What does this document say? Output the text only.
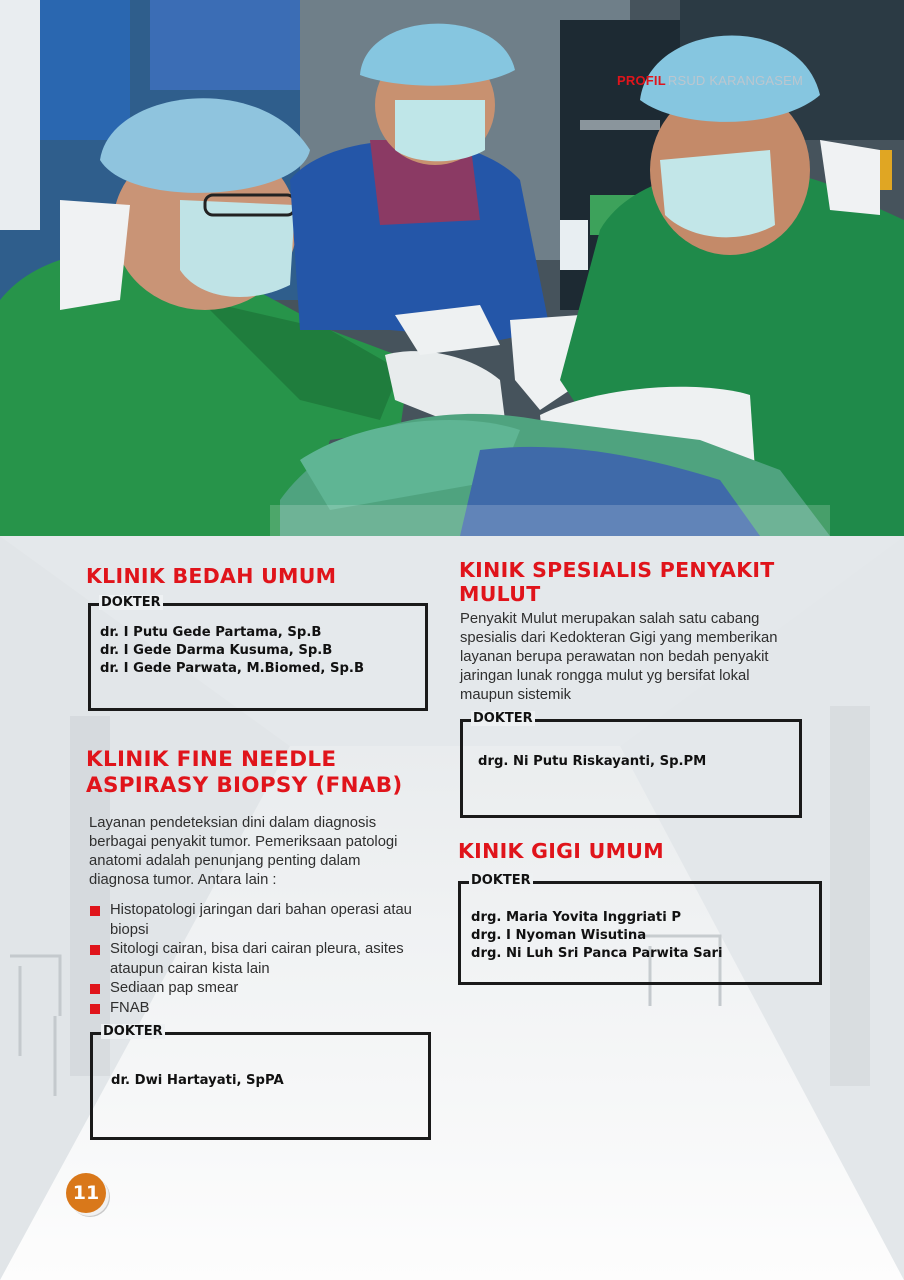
PROFIL RSUD KARANGASEM
KLINIK BEDAH UMUM
DOKTER
dr. I Putu Gede Partama, Sp.B
dr. I Gede Darma Kusuma, Sp.B
dr. I Gede Parwata, M.Biomed, Sp.B
KLINIK FINE NEEDLE
ASPIRASY BIOPSY (FNAB)
Layanan pendeteksian dini dalam diagnosis
berbagai penyakit tumor. Pemeriksaan patologi
anatomi adalah penunjang penting dalam
diagnosa tumor. Antara lain :
Histopatologi jaringan dari bahan operasi atau
biopsi
Sitologi cairan, bisa dari cairan pleura, asites
ataupun cairan kista lain
Sediaan pap smear
FNAB
DOKTER
dr. Dwi Hartayati, SpPA
KINIK SPESIALIS PENYAKIT
MULUT
Penyakit Mulut merupakan salah satu cabang
spesialis dari Kedokteran Gigi yang memberikan
layanan berupa perawatan non bedah penyakit
jaringan lunak rongga mulut yg bersifat lokal
maupun sistemik
DOKTER
drg. Ni Putu Riskayanti, Sp.PM
KINIK GIGI UMUM
DOKTER
drg. Maria Yovita Inggriati P
drg. I Nyoman Wisutina
drg. Ni Luh Sri Panca Parwita Sari
11
